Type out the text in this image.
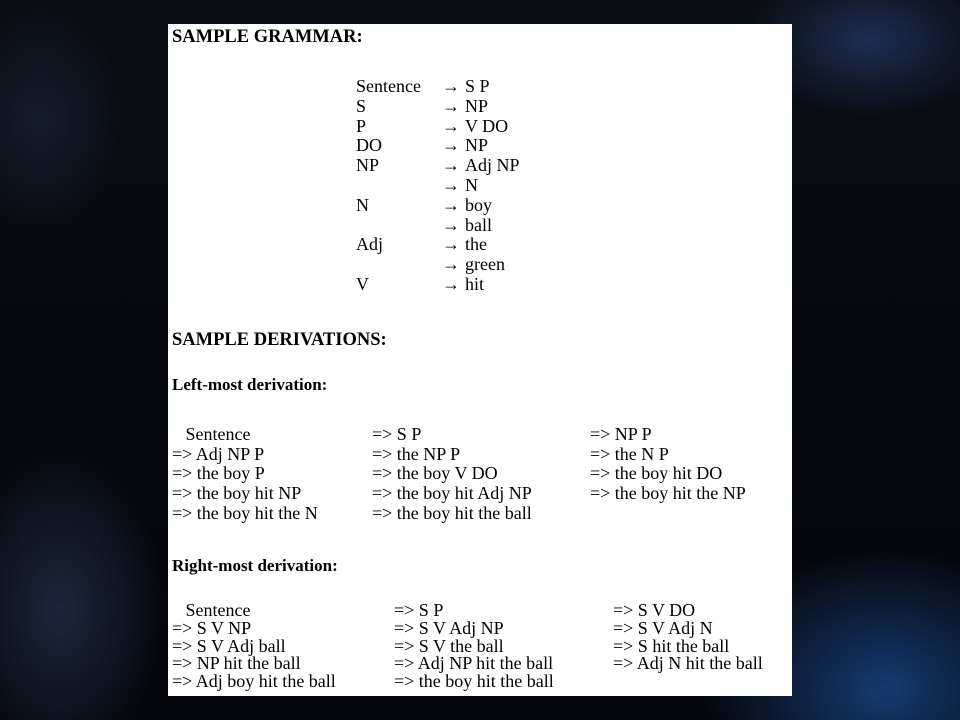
SAMPLE GRAMMAR:
Sentence → S P
S	→ NP
P	→ V DO
DO	→ NP
NP	→ Adj NP
→ N
N	→ boy
→ ball
Adj	→ the
→ green
V	→ hit
SAMPLE DERIVATIONS:
Left-most derivation:
Sentence	=> S P	=> NP P
=> Adj NP P	=> the NP P	=> the N P
=> the boy P	=> the boy V DO	=> the boy hit DO
=> the boy hit NP	=> the boy hit Adj NP	=> the boy hit the NP
=> the boy hit the N	=> the boy hit the ball
Right-most derivation:
Sentence	=> S P	=> S V DO
=> S V NP	=> S V Adj NP	=> S V Adj N
=> S V Adj ball	=> S V the ball	=> S hit the ball
=> NP hit the ball	=> Adj NP hit the ball	=> Adj N hit the ball
=> Adj boy hit the ball	=> the boy hit the ball
